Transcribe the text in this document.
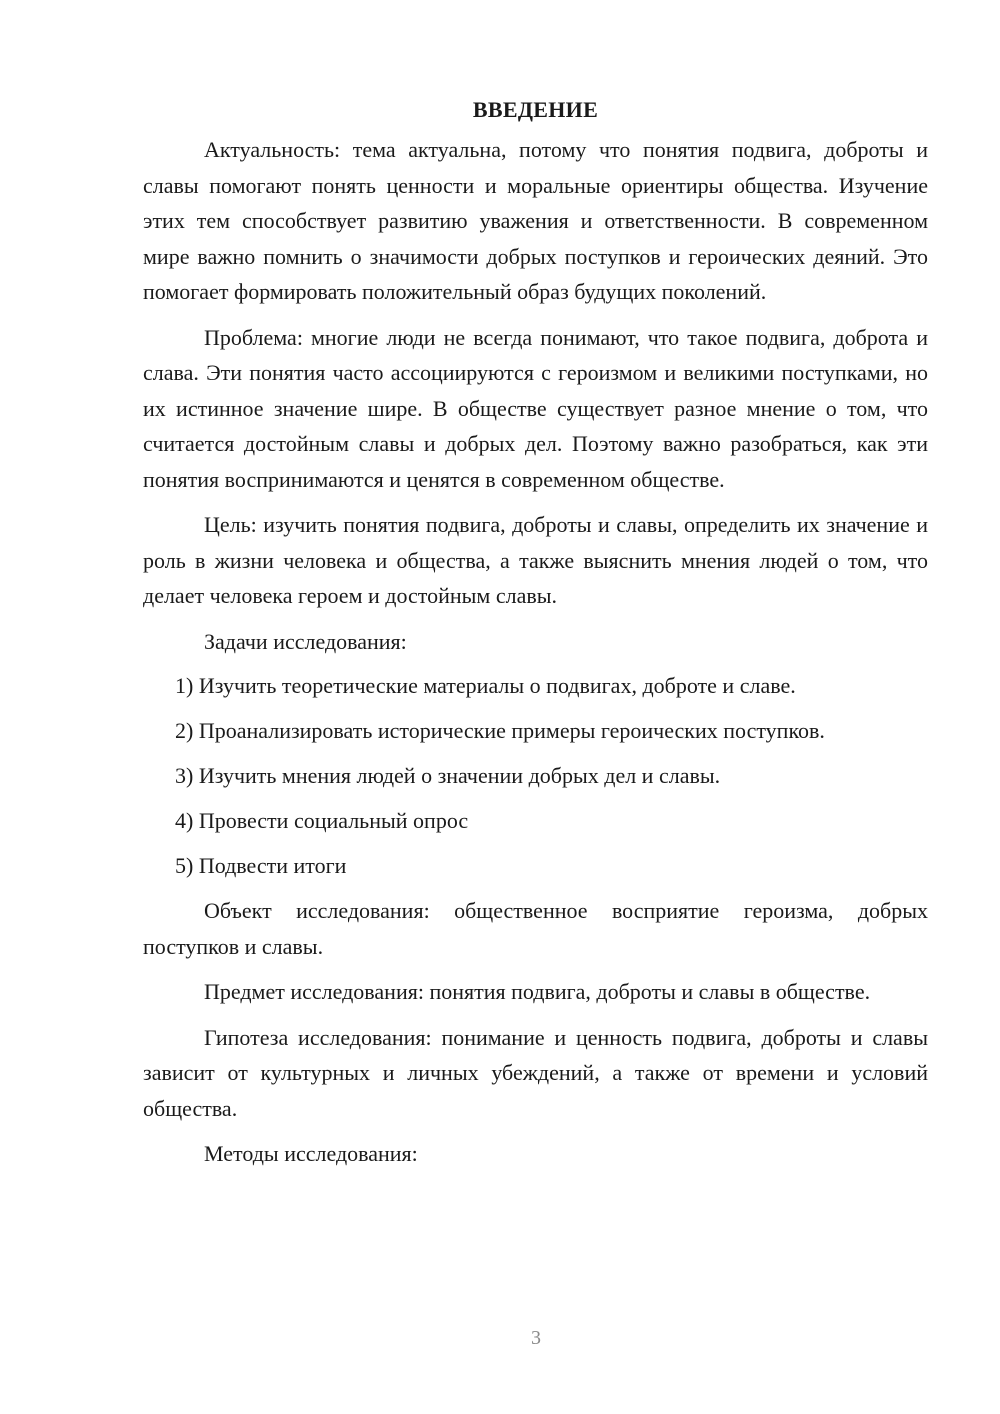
ВВЕДЕНИЕ

Актуальность: тема актуальна, потому что понятия подвига, доброты и славы помогают понять ценности и моральные ориентиры общества. Изучение этих тем способствует развитию уважения и ответственности. В современном мире важно помнить о значимости добрых поступков и героических деяний. Это помогает формировать положительный образ будущих поколений.

Проблема: многие люди не всегда понимают, что такое подвига, доброта и слава. Эти понятия часто ассоциируются с героизмом и великими поступками, но их истинное значение шире. В обществе существует разное мнение о том, что считается достойным славы и добрых дел. Поэтому важно разобраться, как эти понятия воспринимаются и ценятся в современном обществе.

Цель: изучить понятия подвига, доброты и славы, определить их значение и роль в жизни человека и общества, а также выяснить мнения людей о том, что делает человека героем и достойным славы.

Задачи исследования:

1) Изучить теоретические материалы о подвигах, доброте и славе.
2) Проанализировать исторические примеры героических поступков.
3) Изучить мнения людей о значении добрых дел и славы.
4) Провести социальный опрос
5) Подвести итоги

Объект исследования: общественное восприятие героизма, добрых поступков и славы.

Предмет исследования: понятия подвига, доброты и славы в обществе.

Гипотеза исследования: понимание и ценность подвига, доброты и славы зависит от культурных и личных убеждений, а также от времени и условий общества.

Методы исследования:

3
